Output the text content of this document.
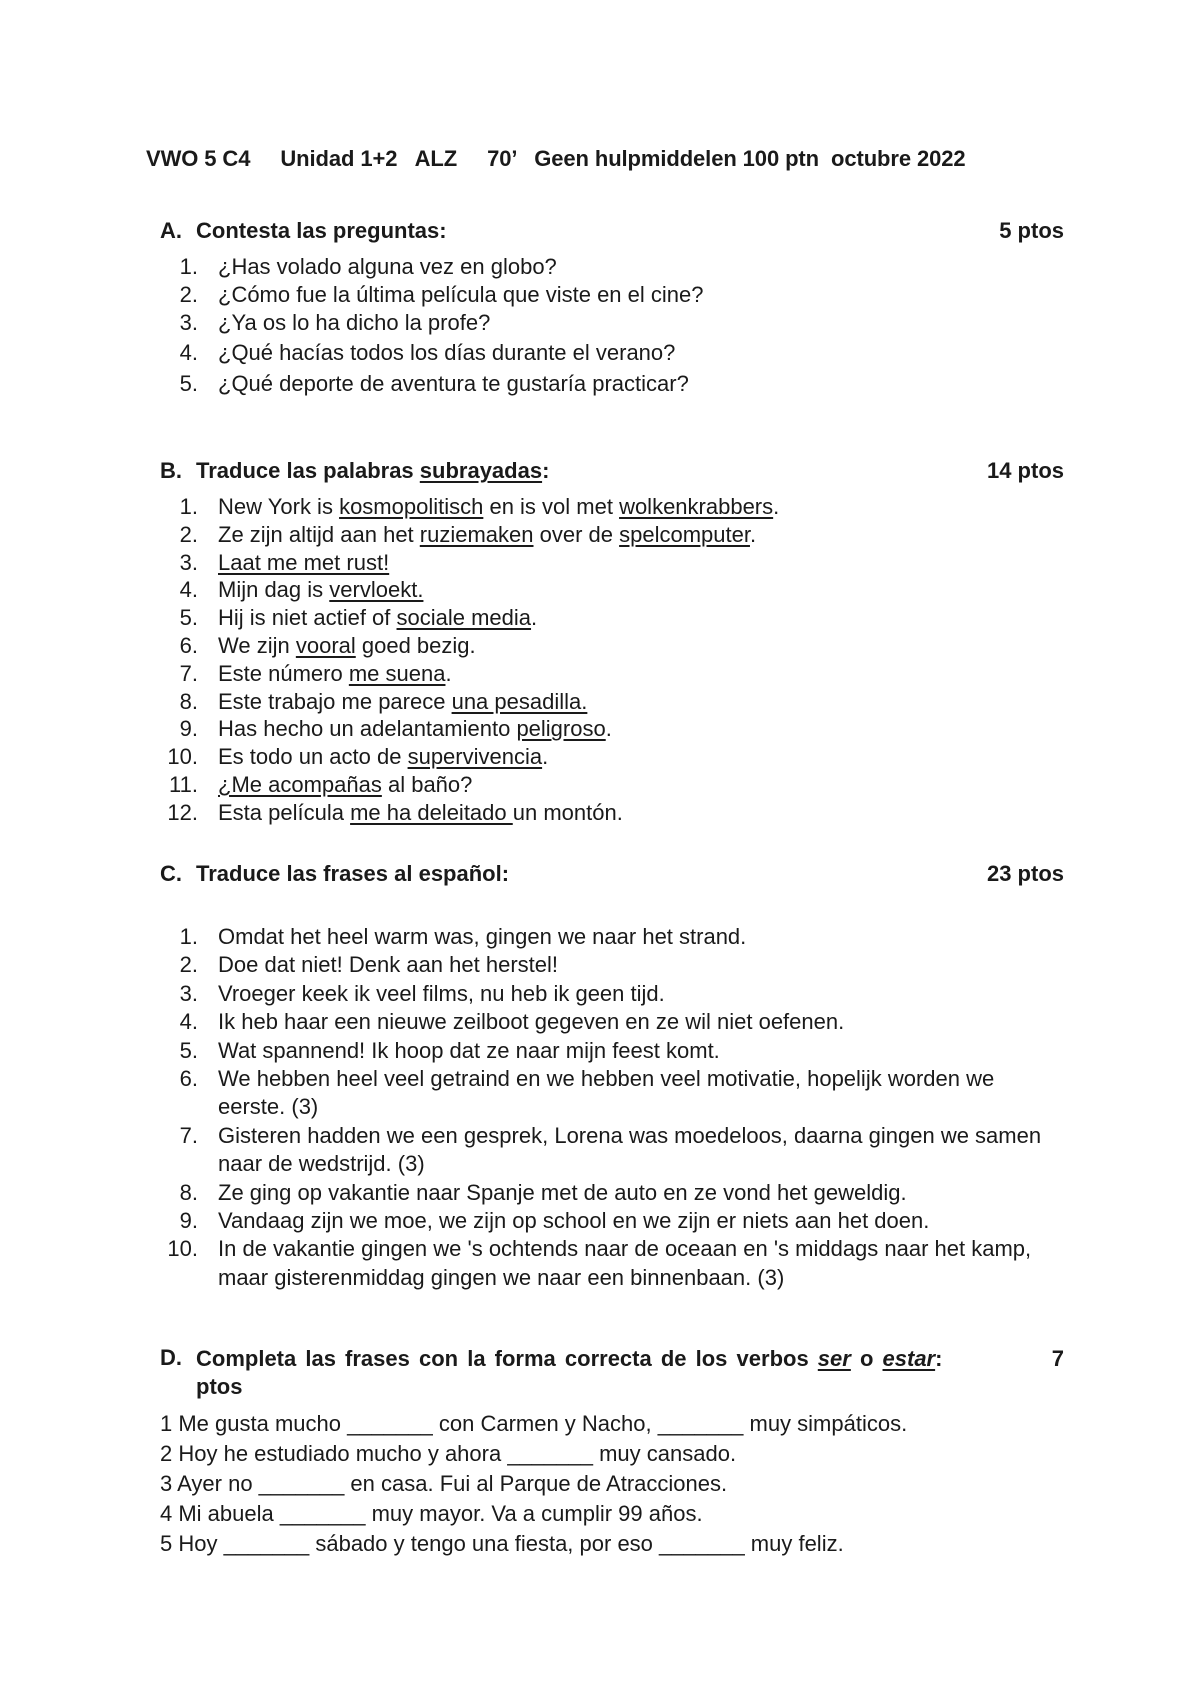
VWO 5 C4     Unidad 1+2   ALZ     70’   Geen hulpmiddelen 100 ptn  octubre 2022
A. Contesta las preguntas:	5 ptos
1. ¿Has volado alguna vez en globo?
2. ¿Cómo fue la última película que viste en el cine?
3. ¿Ya os lo ha dicho la profe?
4. ¿Qué hacías todos los días durante el verano?
5. ¿Qué deporte de aventura te gustaría practicar?
B. Traduce las palabras subrayadas:	14 ptos
1. New York is kosmopolitisch en is vol met wolkenkrabbers.
2. Ze zijn altijd aan het ruziemaken over de spelcomputer.
3. Laat me met rust!
4. Mijn dag is vervloekt.
5. Hij is niet actief of sociale media.
6. We zijn vooral goed bezig.
7. Este número me suena.
8. Este trabajo me parece una pesadilla.
9. Has hecho un adelantamiento peligroso.
10. Es todo un acto de supervivencia.
11. ¿Me acompañas al baño?
12. Esta película me ha deleitado un montón.
C. Traduce las frases al español:	23 ptos
1. Omdat het heel warm was, gingen we naar het strand.
2. Doe dat niet! Denk aan het herstel!
3. Vroeger keek ik veel films, nu heb ik geen tijd.
4. Ik heb haar een nieuwe zeilboot gegeven en ze wil niet oefenen.
5. Wat spannend! Ik hoop dat ze naar mijn feest komt.
6. We hebben heel veel getraind en we hebben veel motivatie, hopelijk worden we eerste. (3)
7. Gisteren hadden we een gesprek, Lorena was moedeloos, daarna gingen we samen naar de wedstrijd. (3)
8. Ze ging op vakantie naar Spanje met de auto en ze vond het geweldig.
9. Vandaag zijn we moe, we zijn op school en we zijn er niets aan het doen.
10. In de vakantie gingen we 's ochtends naar de oceaan en 's middags naar het kamp, maar gisterenmiddag gingen we naar een binnenbaan. (3)
D. Completa las frases con la forma correcta de los verbos ser o estar:	7
ptos
1 Me gusta mucho _______ con Carmen y Nacho, _______ muy simpáticos.
2 Hoy he estudiado mucho y ahora _______ muy cansado.
3 Ayer no _______ en casa. Fui al Parque de Atracciones.
4 Mi abuela _______ muy mayor. Va a cumplir 99 años.
5 Hoy _______ sábado y tengo una fiesta, por eso _______ muy feliz.
